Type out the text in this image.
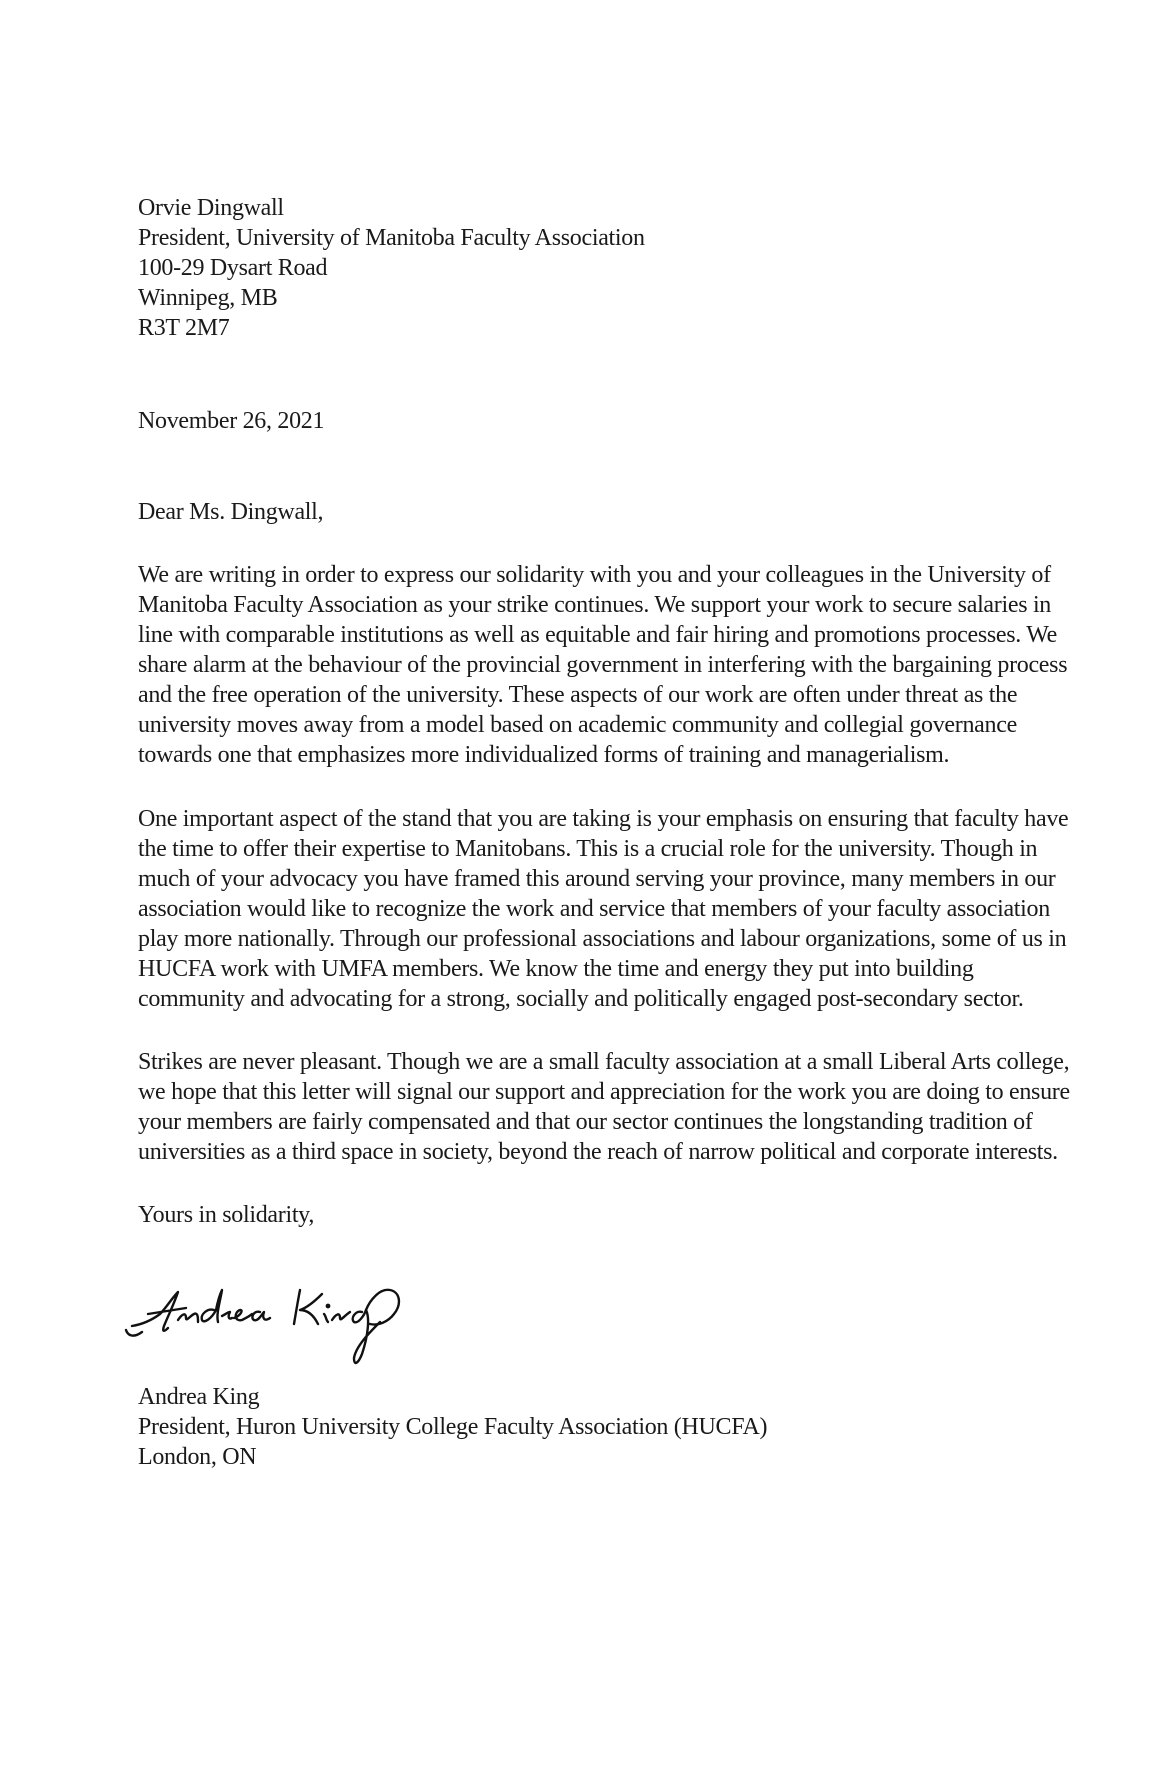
Orvie Dingwall
President, University of Manitoba Faculty Association
100-29 Dysart Road
Winnipeg, MB
R3T 2M7
November 26, 2021
Dear Ms. Dingwall,
We are writing in order to express our solidarity with you and your colleagues in the University of
Manitoba Faculty Association as your strike continues. We support your work to secure salaries in
line with comparable institutions as well as equitable and fair hiring and promotions processes. We
share alarm at the behaviour of the provincial government in interfering with the bargaining process
and the free operation of the university. These aspects of our work are often under threat as the
university moves away from a model based on academic community and collegial governance
towards one that emphasizes more individualized forms of training and managerialism.
One important aspect of the stand that you are taking is your emphasis on ensuring that faculty have
the time to offer their expertise to Manitobans. This is a crucial role for the university. Though in
much of your advocacy you have framed this around serving your province, many members in our
association would like to recognize the work and service that members of your faculty association
play more nationally. Through our professional associations and labour organizations, some of us in
HUCFA work with UMFA members. We know the time and energy they put into building
community and advocating for a strong, socially and politically engaged post-secondary sector.
Strikes are never pleasant. Though we are a small faculty association at a small Liberal Arts college,
we hope that this letter will signal our support and appreciation for the work you are doing to ensure
your members are fairly compensated and that our sector continues the longstanding tradition of
universities as a third space in society, beyond the reach of narrow political and corporate interests.
Yours in solidarity,
Andrea King
President, Huron University College Faculty Association (HUCFA)
London, ON
